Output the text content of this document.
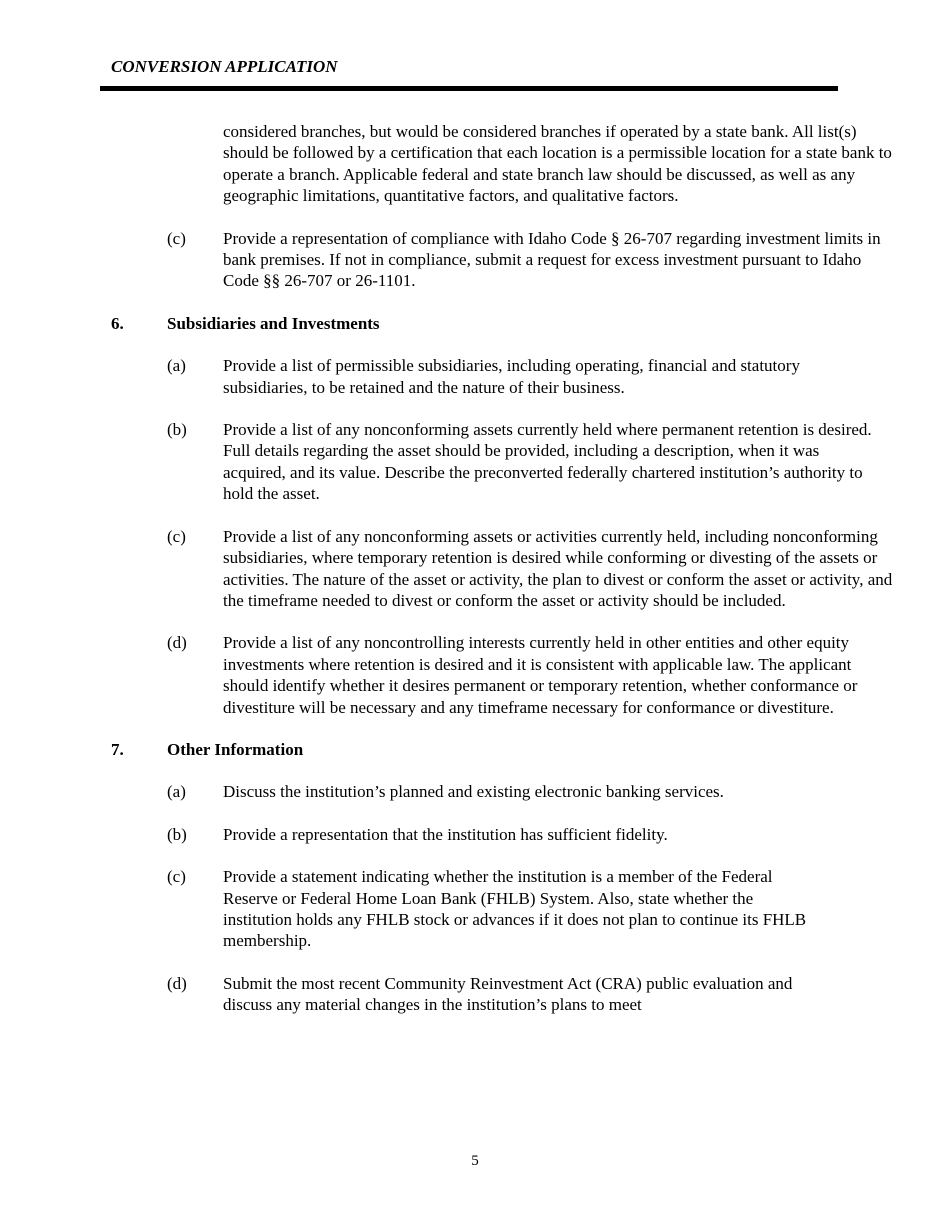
CONVERSION APPLICATION

considered branches, but would be considered branches if operated by a state bank. All list(s) should be followed by a certification that each location is a permissible location for a state bank to operate a branch. Applicable federal and state branch law should be discussed, as well as any geographic limitations, quantitative factors, and qualitative factors.

(c)	Provide a representation of compliance with Idaho Code § 26-707 regarding investment limits in bank premises. If not in compliance, submit a request for excess investment pursuant to Idaho Code §§ 26-707 or 26-1101.
6.	Subsidiaries and Investments
(a)	Provide a list of permissible subsidiaries, including operating, financial and statutory subsidiaries, to be retained and the nature of their business.
(b)	Provide a list of any nonconforming assets currently held where permanent retention is desired. Full details regarding the asset should be provided, including a description, when it was acquired, and its value. Describe the preconverted federally chartered institution’s authority to hold the asset.
(c)	Provide a list of any nonconforming assets or activities currently held, including nonconforming subsidiaries, where temporary retention is desired while conforming or divesting of the assets or activities. The nature of the asset or activity, the plan to divest or conform the asset or activity, and the timeframe needed to divest or conform the asset or activity should be included.
(d)	Provide a list of any noncontrolling interests currently held in other entities and other equity investments where retention is desired and it is consistent with applicable law. The applicant should identify whether it desires permanent or temporary retention, whether conformance or divestiture will be necessary and any timeframe necessary for conformance or divestiture.
7.	Other Information
(a)	Discuss the institution’s planned and existing electronic banking services.
(b)	Provide a representation that the institution has sufficient fidelity.
(c)	Provide a statement indicating whether the institution is a member of the Federal Reserve or Federal Home Loan Bank (FHLB) System. Also, state whether the institution holds any FHLB stock or advances if it does not plan to continue its FHLB membership.
(d)	Submit the most recent Community Reinvestment Act (CRA) public evaluation and discuss any material changes in the institution’s plans to meet
5
